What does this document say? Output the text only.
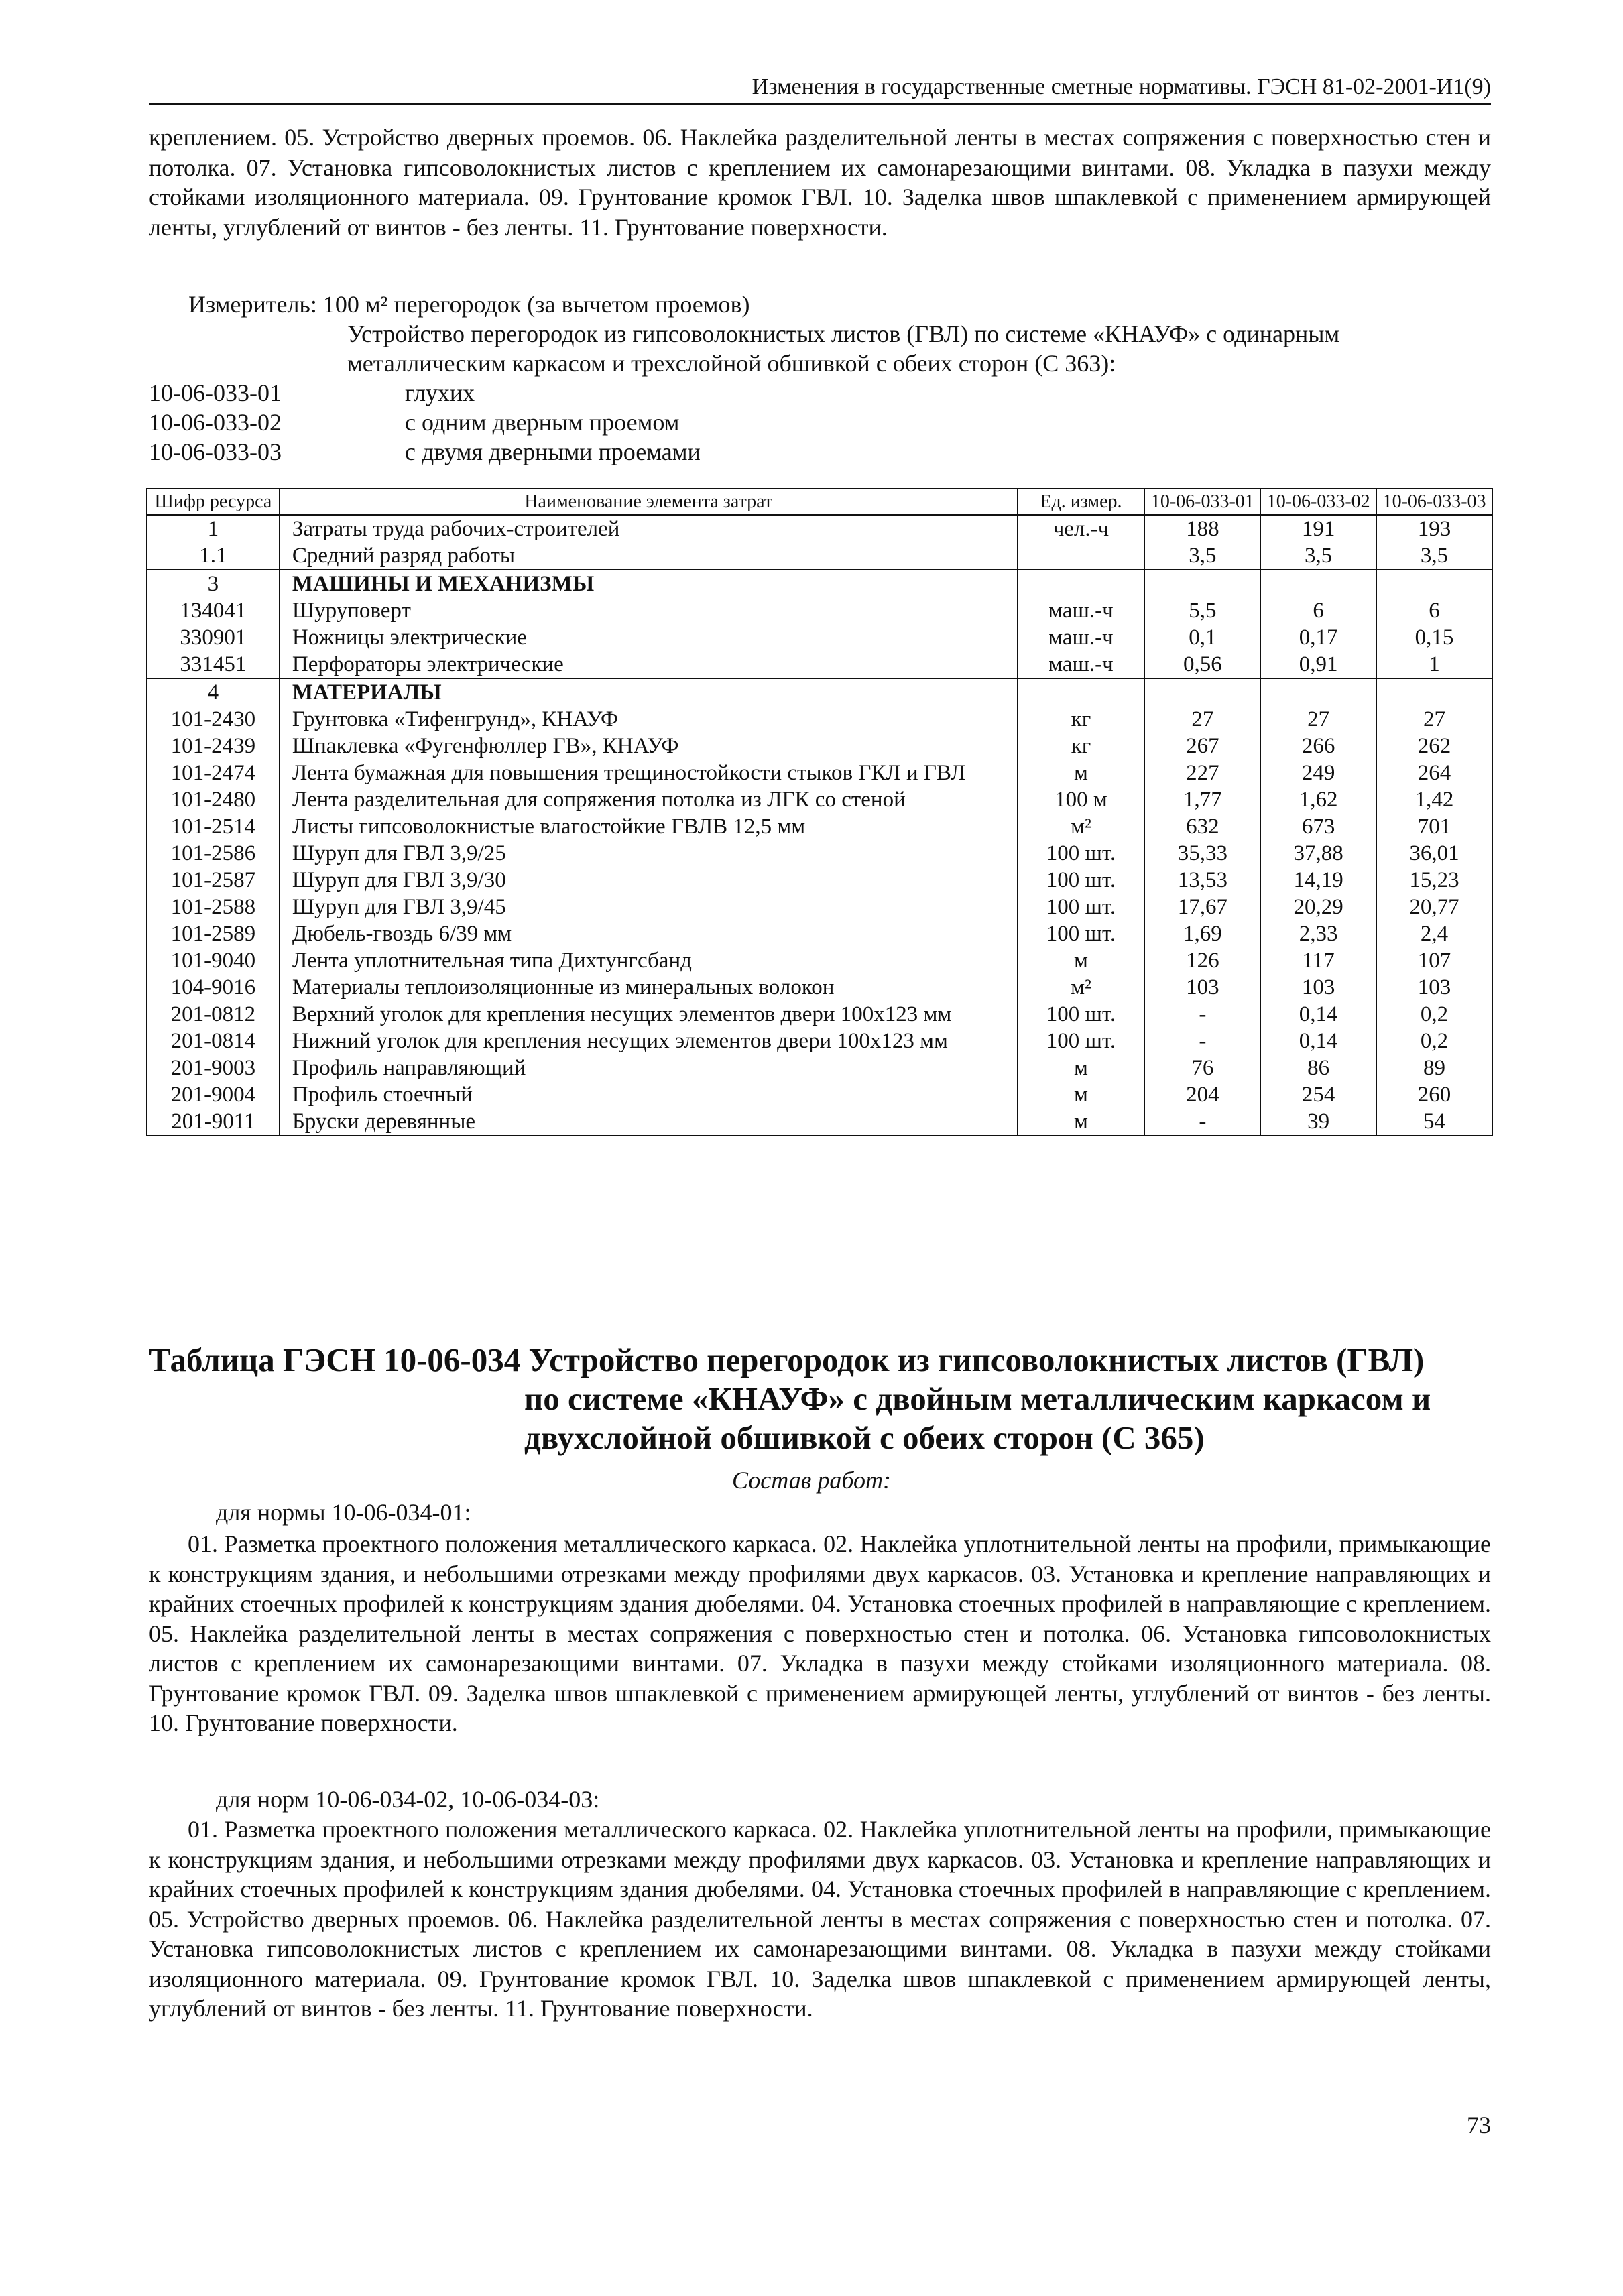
Изменения в государственные сметные нормативы. ГЭСН 81-02-2001-И1(9)

креплением. 05. Устройство дверных проемов. 06. Наклейка разделительной ленты в местах сопряжения с поверхностью стен и потолка. 07. Установка гипсоволокнистых листов с креплением их самонарезающими винтами. 08. Укладка в пазухи между стойками изоляционного материала. 09. Грунтование кромок ГВЛ. 10. Заделка швов шпаклевкой с применением армирующей ленты, углублений от винтов - без ленты. 11. Грунтование поверхности.

Измеритель: 100 м² перегородок (за вычетом проемов)

Устройство перегородок из гипсоволокнистых листов (ГВЛ) по системе «КНАУФ» с одинарным металлическим каркасом и трехслойной обшивкой с обеих сторон (С 363):

10-06-033-01	глухих
10-06-033-02	с одним дверным проемом
10-06-033-03	с двумя дверными проемами
Шифр ресурса	Наименование элемента затрат	Ед. измер.	10-06-033-01	10-06-033-02	10-06-033-03
1	Затраты труда рабочих-строителей	чел.-ч	188	191	193
1.1	Средний разряд работы		3,5	3,5	3,5
3	МАШИНЫ И МЕХАНИЗМЫ				
134041	Шуруповерт	маш.-ч	5,5	6	6
330901	Ножницы электрические	маш.-ч	0,1	0,17	0,15
331451	Перфораторы электрические	маш.-ч	0,56	0,91	1
4	МАТЕРИАЛЫ				
101-2430	Грунтовка «Тифенгрунд», КНАУФ	кг	27	27	27
101-2439	Шпаклевка «Фугенфюллер ГВ», КНАУФ	кг	267	266	262
101-2474	Лента бумажная для повышения трещиностойкости стыков ГКЛ и ГВЛ	м	227	249	264
101-2480	Лента разделительная для сопряжения потолка из ЛГК со стеной	100 м	1,77	1,62	1,42
101-2514	Листы гипсоволокнистые влагостойкие ГВЛВ 12,5 мм	м²	632	673	701
101-2586	Шуруп для ГВЛ 3,9/25	100 шт.	35,33	37,88	36,01
101-2587	Шуруп для ГВЛ 3,9/30	100 шт.	13,53	14,19	15,23
101-2588	Шуруп для ГВЛ 3,9/45	100 шт.	17,67	20,29	20,77
101-2589	Дюбель-гвоздь 6/39 мм	100 шт.	1,69	2,33	2,4
101-9040	Лента уплотнительная типа Дихтунгсбанд	м	126	117	107
104-9016	Материалы теплоизоляционные из минеральных волокон	м²	103	103	103
201-0812	Верхний уголок для крепления несущих элементов двери 100х123 мм	100 шт.	-	0,14	0,2
201-0814	Нижний уголок для крепления несущих элементов двери 100х123 мм	100 шт.	-	0,14	0,2
201-9003	Профиль направляющий	м	76	86	89
201-9004	Профиль стоечный	м	204	254	260
201-9011	Бруски деревянные	м	-	39	54
Таблица ГЭСН 10-06-034 Устройство перегородок из гипсоволокнистых листов (ГВЛ)
по системе «КНАУФ» с двойным металлическим каркасом и
двухслойной обшивкой с обеих сторон (С 365)
Состав работ:
для нормы 10-06-034-01:

01. Разметка проектного положения металлического каркаса. 02. Наклейка уплотнительной ленты на профили, примыкающие к конструкциям здания, и небольшими отрезками между профилями двух каркасов. 03. Установка и крепление направляющих и крайних стоечных профилей к конструкциям здания дюбелями. 04. Установка стоечных профилей в направляющие с креплением. 05. Наклейка разделительной ленты в местах сопряжения с поверхностью стен и потолка. 06. Установка гипсоволокнистых листов с креплением их самонарезающими винтами. 07. Укладка в пазухи между стойками изоляционного материала. 08. Грунтование кромок ГВЛ. 09. Заделка швов шпаклевкой с применением армирующей ленты, углублений от винтов - без ленты. 10. Грунтование поверхности.

для норм 10-06-034-02, 10-06-034-03:

01. Разметка проектного положения металлического каркаса. 02. Наклейка уплотнительной ленты на профили, примыкающие к конструкциям здания, и небольшими отрезками между профилями двух каркасов. 03. Установка и крепление направляющих и крайних стоечных профилей к конструкциям здания дюбелями. 04. Установка стоечных профилей в направляющие с креплением. 05. Устройство дверных проемов. 06. Наклейка разделительной ленты в местах сопряжения с поверхностью стен и потолка. 07. Установка гипсоволокнистых листов с креплением их самонарезающими винтами. 08. Укладка в пазухи между стойками изоляционного материала. 09. Грунтование кромок ГВЛ. 10. Заделка швов шпаклевкой с применением армирующей ленты, углублений от винтов - без ленты. 11. Грунтование поверхности.

73
